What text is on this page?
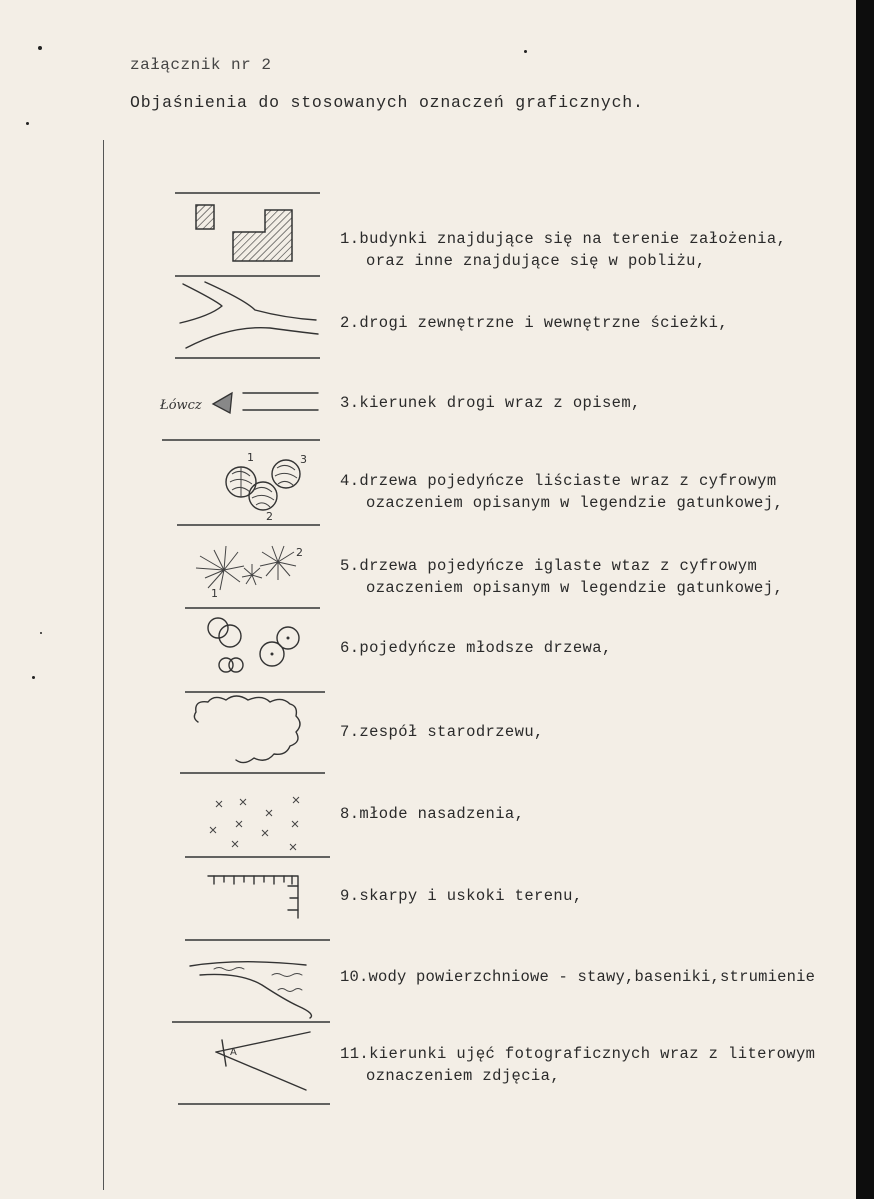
załącznik nr 2
Objaśnienia do stosowanych oznaczeń graficznych.
Łówcz
1
2
3
1
2
A
1.budynki znajdujące się na terenie założenia,
oraz inne znajdujące się w pobliżu,
2.drogi zewnętrzne i wewnętrzne ścieżki,
3.kierunek drogi wraz z opisem,
4.drzewa pojedyńcze liściaste wraz z cyfrowym
ozaczeniem opisanym w legendzie gatunkowej,
5.drzewa pojedyńcze iglaste wtaz z cyfrowym
ozaczeniem opisanym w legendzie gatunkowej,
6.pojedyńcze młodsze drzewa,
7.zespół starodrzewu,
8.młode nasadzenia,
9.skarpy i uskoki terenu,
10.wody powierzchniowe - stawy,baseniki,strumienie
11.kierunki ujęć fotograficznych wraz z literowym
oznaczeniem zdjęcia,
